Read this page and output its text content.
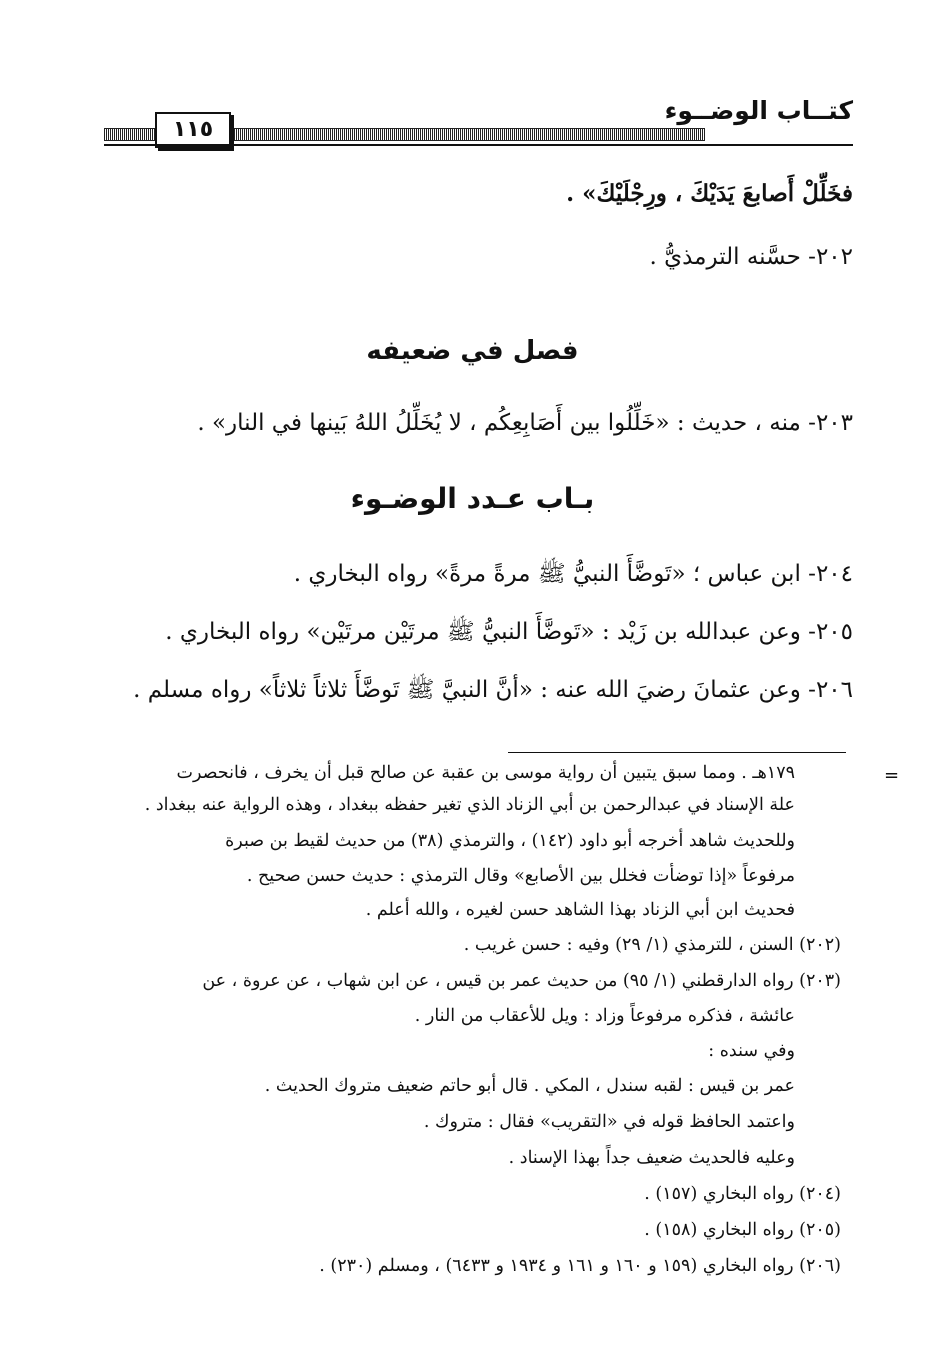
كتــاب الوضــوء
١١٥
فخَلِّلْ أَصابعَ يَدَيْكَ ، ورِجْلَيْكَ» .
٢٠٢- حسَّنه الترمذيُّ .
فصل في ضعيفه
٢٠٣- منه ، حديث : «خَلِّلُوا بين أَصَابِعِكُم ، لا يُخَلِّلُ اللهُ بَينها في النار» .
بـاب عـدد الوضـوء
٢٠٤- ابن عباس ؛ «تَوضَّأَ النبيُّ ﷺ مرةً مرةً» رواه البخاري .
٢٠٥- وعن عبدالله بن زَيْد : «تَوضَّأَ النبيُّ ﷺ مرتَيْن مرتَيْن» رواه البخاري .
٢٠٦- وعن عثمانَ رضيَ الله عنه : «أنَّ النبيَّ ﷺ تَوضَّأَ ثلاثاً ثلاثاً» رواه مسلم .
=
١٧٩هـ . ومما سبق يتبين أن رواية موسى بن عقبة عن صالح قبل أن يخرف ، فانحصرت
علة الإسناد في عبدالرحمن بن أبي الزناد الذي تغير حفظه ببغداد ، وهذه الرواية عنه ببغداد .
وللحديث شاهد أخرجه أبو داود (١٤٢) ، والترمذي (٣٨) من حديث لقيط بن صبرة
مرفوعاً «إذا توضأت فخلل بين الأصابع» وقال الترمذي : حديث حسن صحيح .
فحديث ابن أبي الزناد بهذا الشاهد حسن لغيره ، والله أعلم .
(٢٠٢) السنن ، للترمذي (١/ ٢٩) وفيه : حسن غريب .
(٢٠٣) رواه الدارقطني (١/ ٩٥) من حديث عمر بن قيس ، عن ابن شهاب ، عن عروة ، عن
عائشة ، فذكره مرفوعاً وزاد : ويل للأعقاب من النار .
وفي سنده :
عمر بن قيس : لقبه سندل ، المكي . قال أبو حاتم ضعيف متروك الحديث .
واعتمد الحافظ قوله في «التقريب» فقال : متروك .
وعليه فالحديث ضعيف جداً بهذا الإسناد .
(٢٠٤) رواه البخاري (١٥٧) .
(٢٠٥) رواه البخاري (١٥٨) .
(٢٠٦) رواه البخاري (١٥٩ و ١٦٠ و ١٦١ و ١٩٣٤ و ٦٤٣٣) ، ومسلم (٢٣٠) .
